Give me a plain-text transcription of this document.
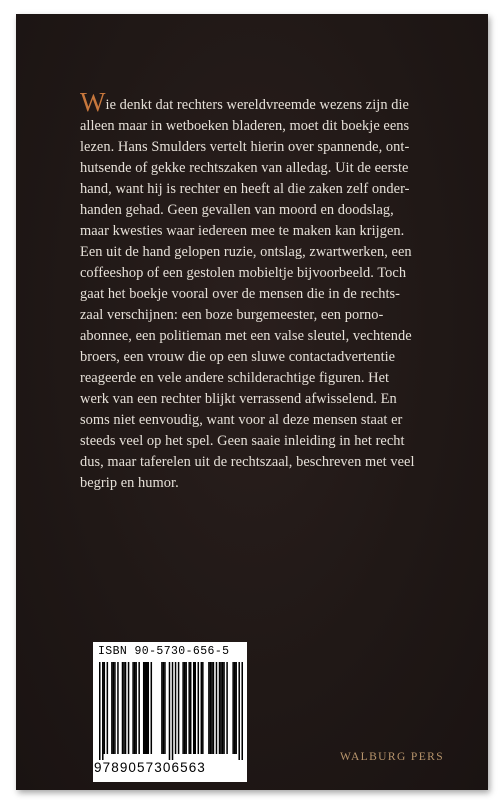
Wie denkt dat rechters wereldvreemde wezens zijn die
alleen maar in wetboeken bladeren, moet dit boekje eens
lezen. Hans Smulders vertelt hierin over spannende, ont-
hutsende of gekke rechtszaken van alledag. Uit de eerste
hand, want hij is rechter en heeft al die zaken zelf onder-
handen gehad. Geen gevallen van moord en doodslag,
maar kwesties waar iedereen mee te maken kan krijgen.
Een uit de hand gelopen ruzie, ontslag, zwartwerken, een
coffeeshop of een gestolen mobieltje bijvoorbeeld. Toch
gaat het boekje vooral over de mensen die in de rechts-
zaal verschijnen: een boze burgemeester, een porno-
abonnee, een politieman met een valse sleutel, vechtende
broers, een vrouw die op een sluwe contactadvertentie
reageerde en vele andere schilderachtige figuren. Het
werk van een rechter blijkt verrassend afwisselend. En
soms niet eenvoudig, want voor al deze mensen staat er
steeds veel op het spel. Geen saaie inleiding in het recht
dus, maar taferelen uit de rechtszaal, beschreven met veel
begrip en humor.

ISBN 90-5730-656-5
9789057306563
WALBURG PERS
